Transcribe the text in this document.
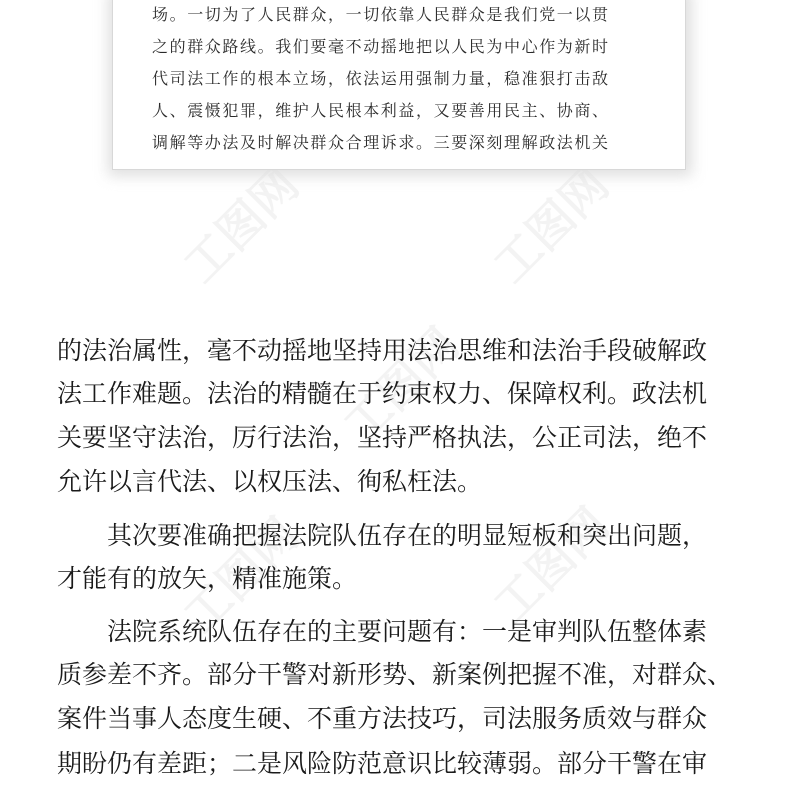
场。一切为了人民群众，一切依靠人民群众是我们党一以贯
之的群众路线。我们要毫不动摇地把以人民为中心作为新时
代司法工作的根本立场，依法运用强制力量，稳准狠打击敌
人、震慑犯罪，维护人民根本利益，又要善用民主、协商、
调解等办法及时解决群众合理诉求。三要深刻理解政法机关
的法治属性，毫不动摇地坚持用法治思维和法治手段破解政
法工作难题。法治的精髓在于约束权力、保障权利。政法机
关要坚守法治，厉行法治，坚持严格执法，公正司法，绝不
允许以言代法、以权压法、徇私枉法。
其次要准确把握法院队伍存在的明显短板和突出问题，
才能有的放矢，精准施策。
法院系统队伍存在的主要问题有：一是审判队伍整体素
质参差不齐。部分干警对新形势、新案例把握不准，对群众、
案件当事人态度生硬、不重方法技巧，司法服务质效与群众
期盼仍有差距；二是风险防范意识比较薄弱。部分干警在审
